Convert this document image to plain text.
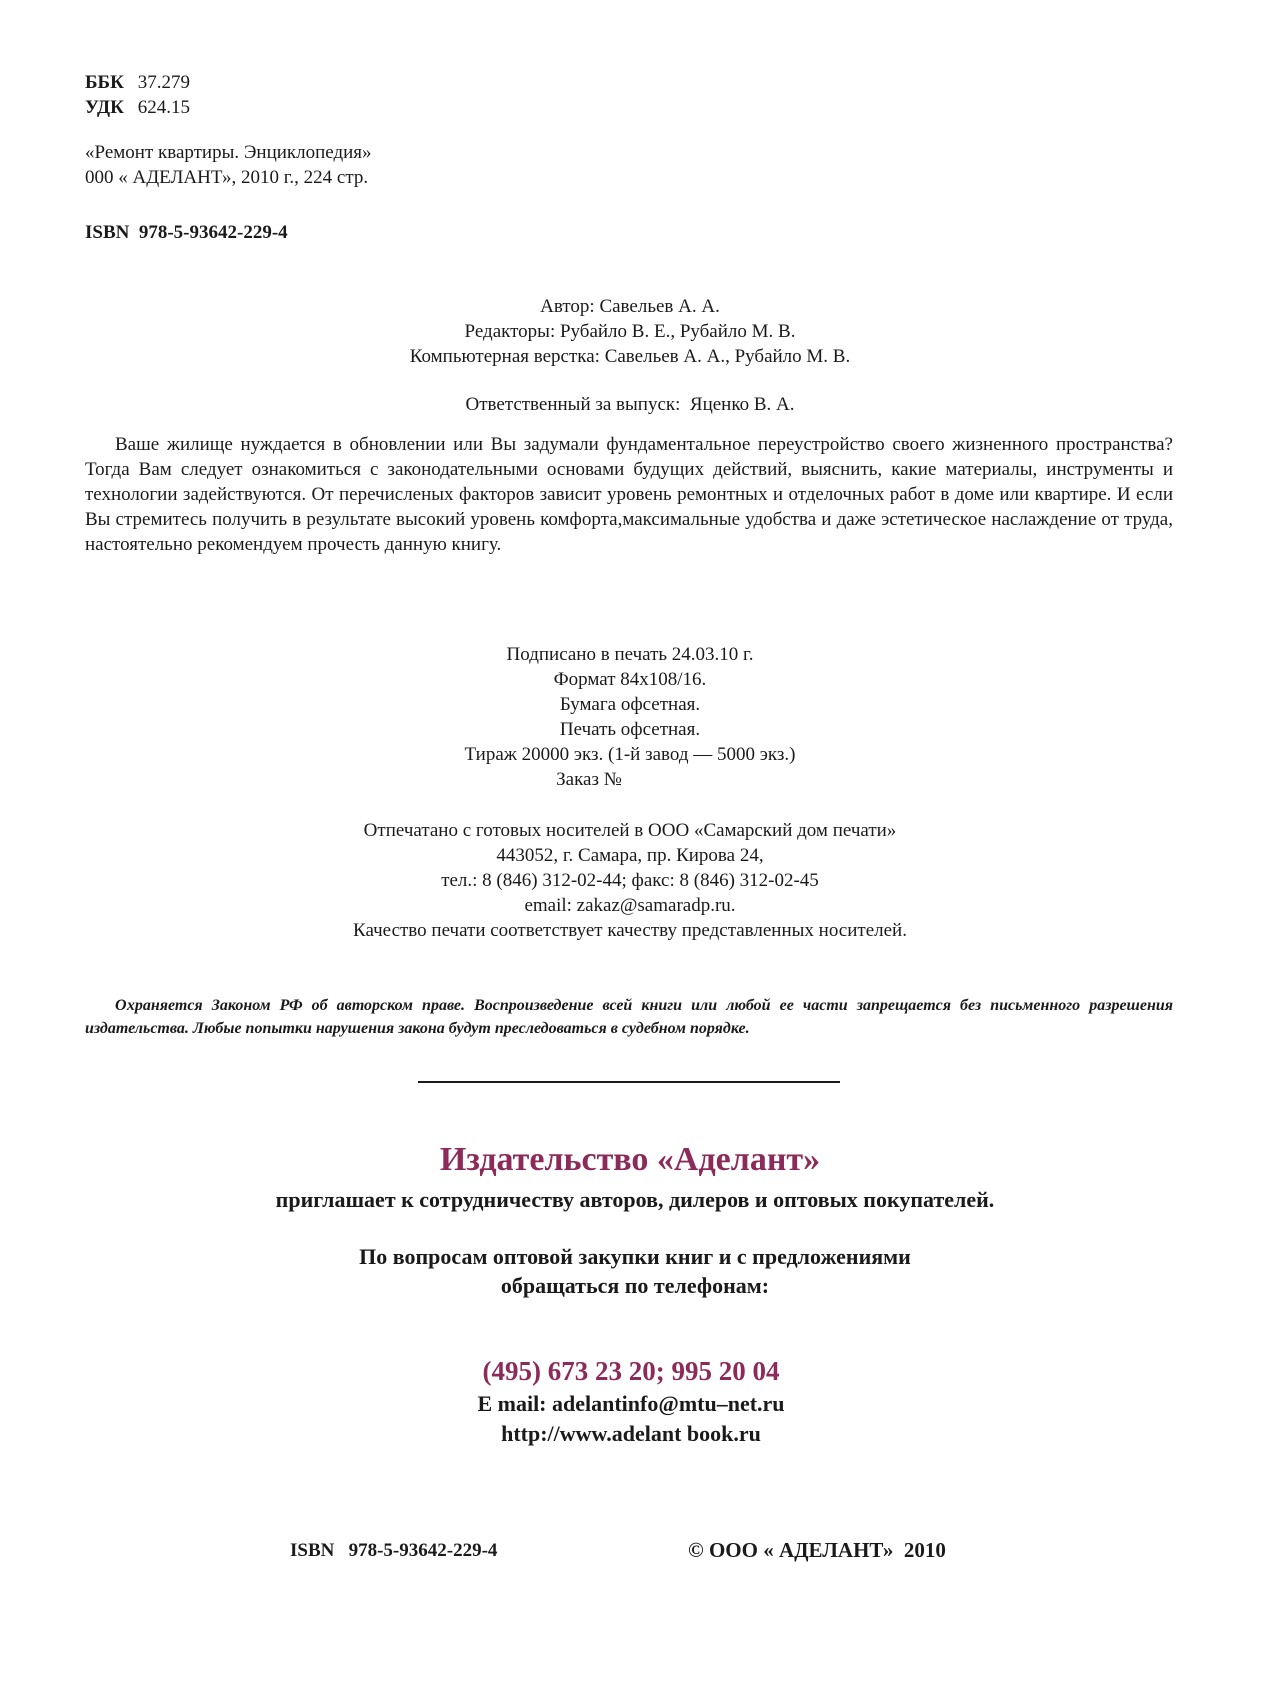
ББК 37.279
УДК 624.15
«Ремонт квартиры. Энциклопедия»
000 « АДЕЛАНТ», 2010 г., 224 стр.
ISBN 978-5-93642-229-4
Автор: Савельев А. А.
Редакторы: Рубайло В. Е., Рубайло М. В.
Компьютерная верстка: Савельев А. А., Рубайло М. В.
Ответственный за выпуск:  Яценко В. А.

Ваше жилище нуждается в обновлении или Вы задумали фундаментальное переустройство своего жизненного пространства? Тогда Вам следует ознакомиться с законодательными основами будущих действий, выяснить, какие материалы, инструменты и технологии задействуются. От перечисленых факторов зависит уровень ремонтных и отделочных работ в доме или квартире. И если Вы стремитесь получить в результате высокий уровень комфорта,максимальные удобства и даже эстетическое наслаждение от труда, настоятельно рекомендуем прочесть данную книгу.

Подписано в печать 24.03.10 г.
Формат 84x108/16.
Бумага офсетная.
Печать офсетная.
Тираж 20000 экз. (1-й завод — 5000 экз.)
Заказ №
Отпечатано с готовых носителей в ООО «Самарский дом печати»
443052, г. Самара, пр. Кирова 24,
тел.: 8 (846) 312-02-44; факс: 8 (846) 312-02-45
email: zakaz@samaradp.ru.
Качество печати соответствует качеству представленных носителей.

Охраняется Законом РФ об авторском праве. Воспроизведение всей книги или любой ее части запрещается без письменного разрешения издательства. Любые попытки нарушения закона будут преследоваться в судебном порядке.

Издательство «Аделант»
приглашает к сотрудничеству авторов, дилеров и оптовых покупателей.
По вопросам оптовой закупки книг и с предложениями
обращаться по телефонам:
(495) 673 23 20; 995 20 04
E mail: adelantinfo@mtu–net.ru
http://www.adelant book.ru
ISBN   978-5-93642-229-4	© ООО « АДЕЛАНТ»  2010
